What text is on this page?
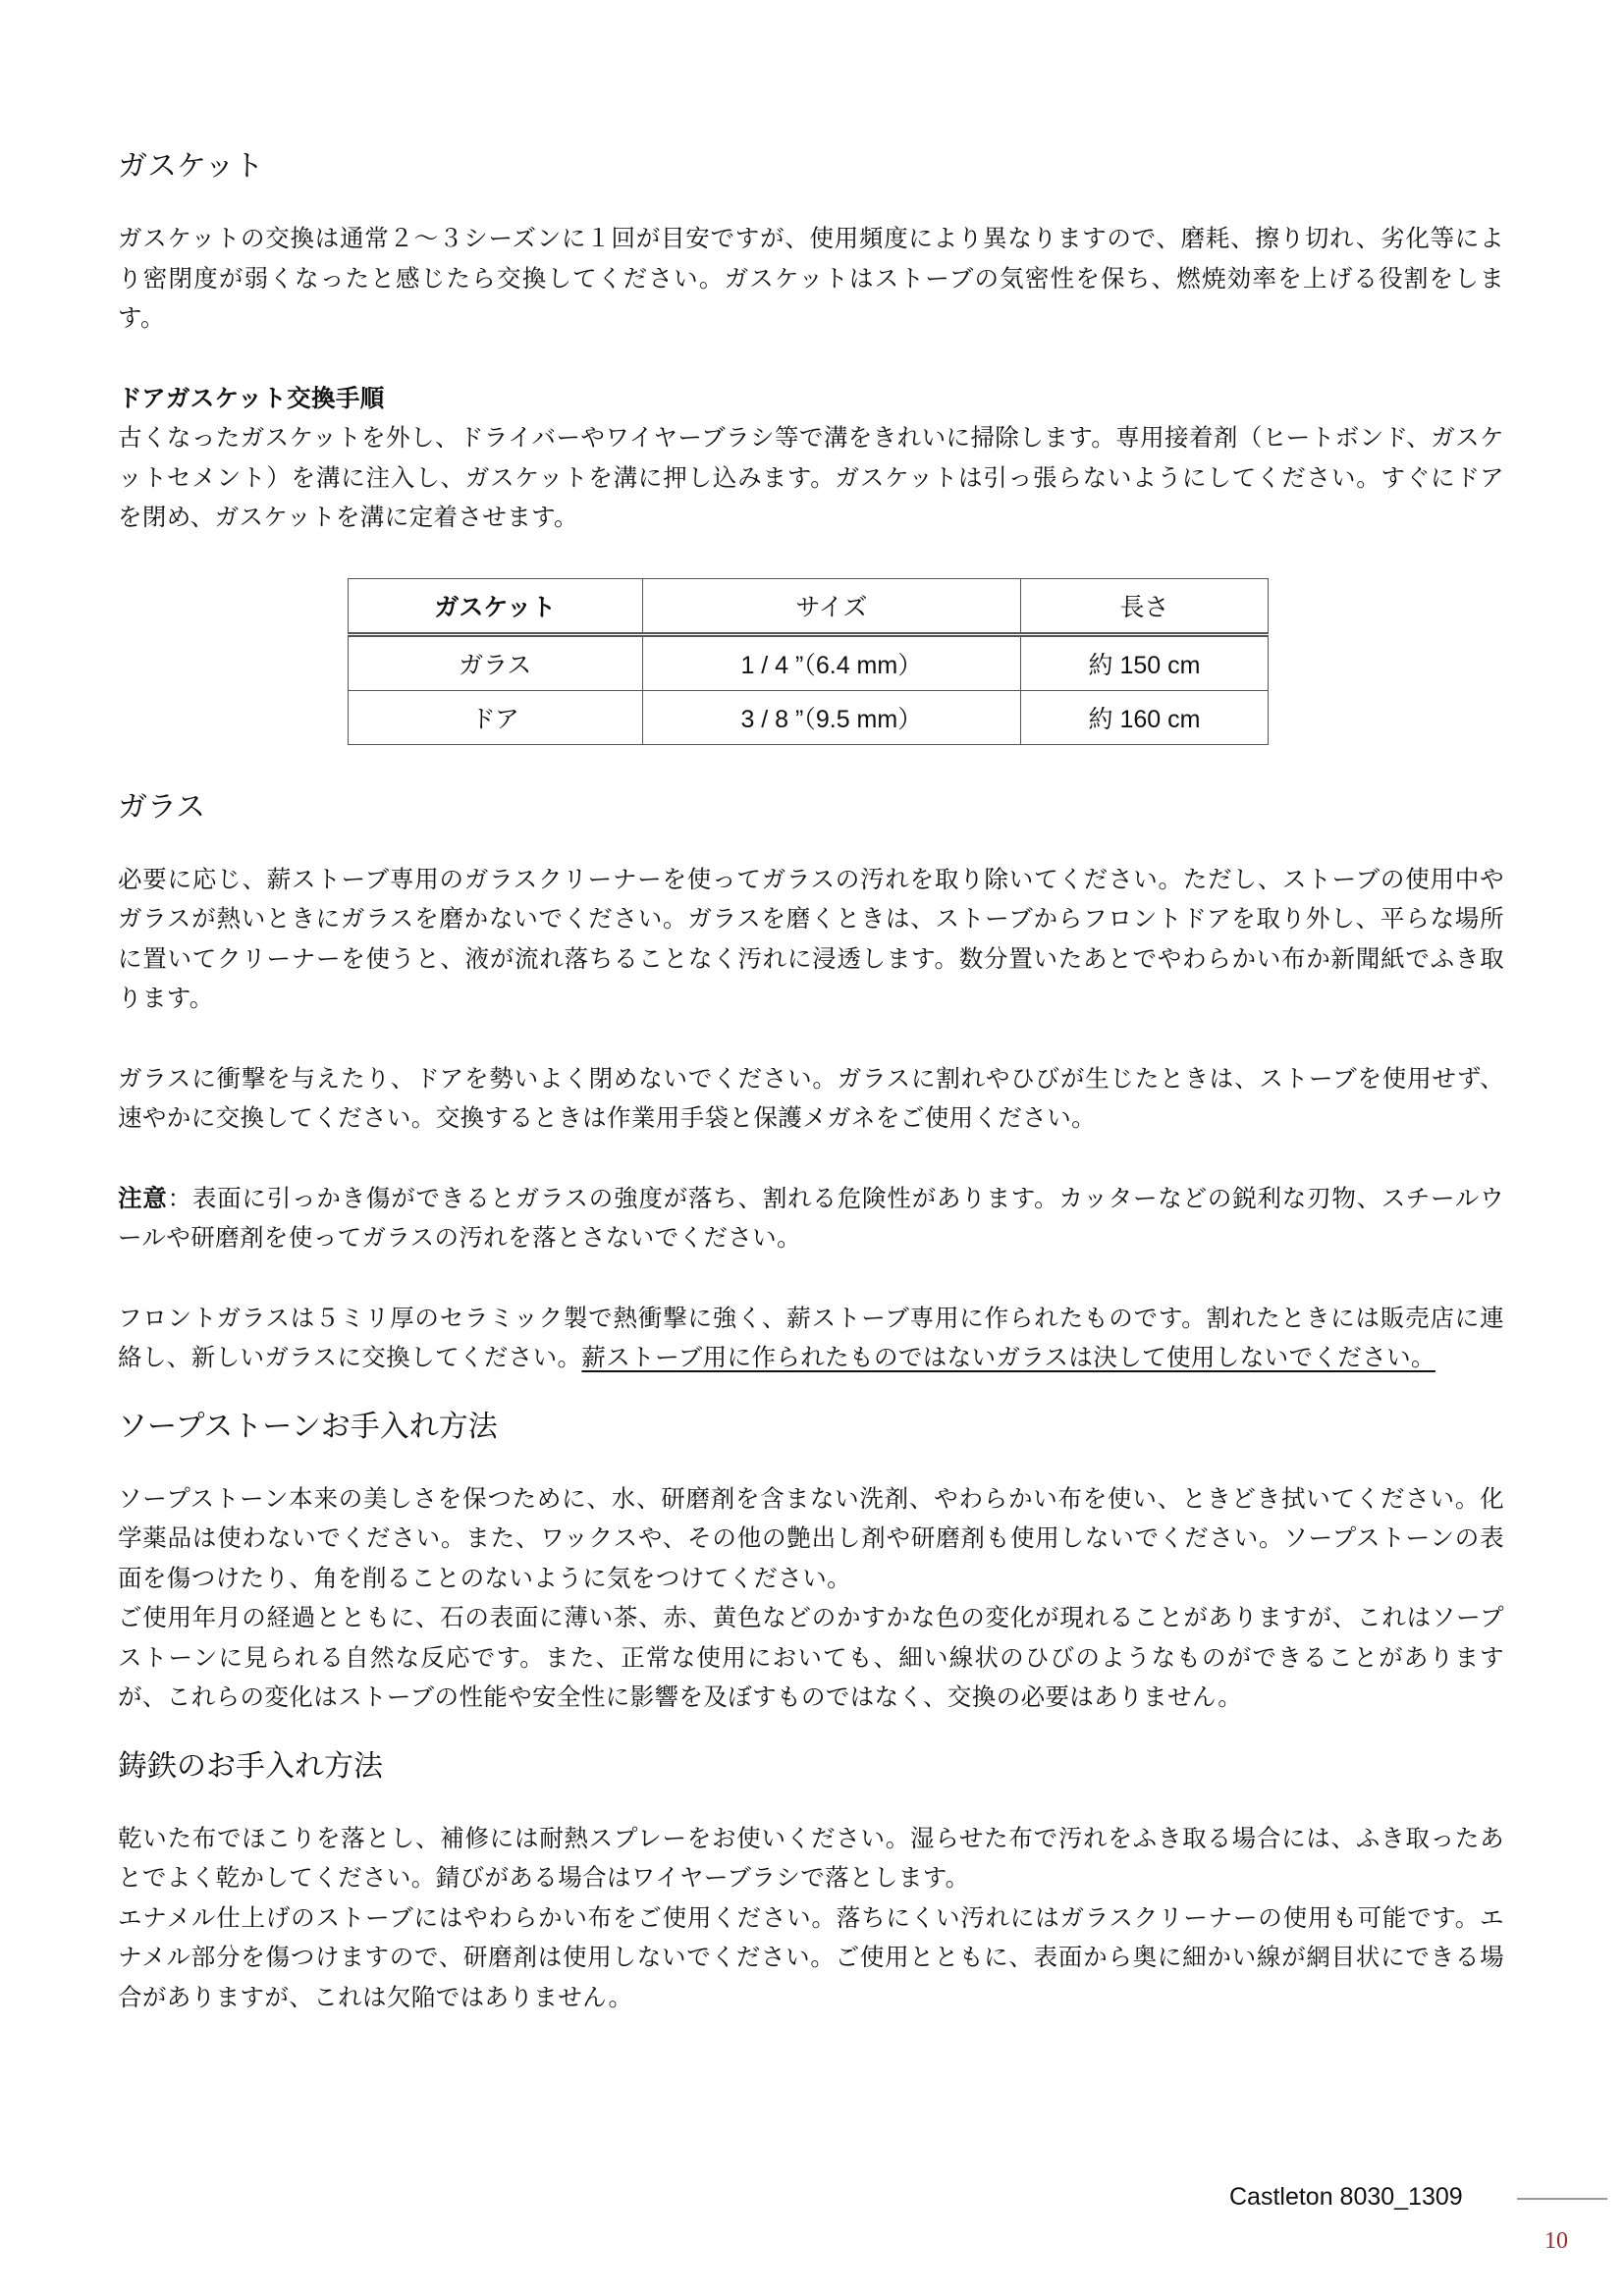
ガスケット

ガスケットの交換は通常２～３シーズンに１回が目安ですが、使用頻度により異なりますので、磨耗、擦り切れ、劣化等により密閉度が弱くなったと感じたら交換してください。ガスケットはストーブの気密性を保ち、燃焼効率を上げる役割をします。

ドアガスケット交換手順

古くなったガスケットを外し、ドライバーやワイヤーブラシ等で溝をきれいに掃除します。専用接着剤（ヒートボンド、ガスケットセメント）を溝に注入し、ガスケットを溝に押し込みます。ガスケットは引っ張らないようにしてください。すぐにドアを閉め、ガスケットを溝に定着させます。

ガスケット	サイズ	長さ
ガラス	1 / 4 ”（6.4 mm）	約 150 cm
ドア	3 / 8 ”（9.5 mm）	約 160 cm
ガラス

必要に応じ、薪ストーブ専用のガラスクリーナーを使ってガラスの汚れを取り除いてください。ただし、ストーブの使用中やガラスが熱いときにガラスを磨かないでください。ガラスを磨くときは、ストーブからフロントドアを取り外し、平らな場所に置いてクリーナーを使うと、液が流れ落ちることなく汚れに浸透します。数分置いたあとでやわらかい布か新聞紙でふき取ります。

ガラスに衝撃を与えたり、ドアを勢いよく閉めないでください。ガラスに割れやひびが生じたときは、ストーブを使用せず、速やかに交換してください。交換するときは作業用手袋と保護メガネをご使用ください。

注意：表面に引っかき傷ができるとガラスの強度が落ち、割れる危険性があります。カッターなどの鋭利な刃物、スチールウールや研磨剤を使ってガラスの汚れを落とさないでください。

フロントガラスは５ミリ厚のセラミック製で熱衝撃に強く、薪ストーブ専用に作られたものです。割れたときには販売店に連絡し、新しいガラスに交換してください。薪ストーブ用に作られたものではないガラスは決して使用しないでください。

ソープストーンお手入れ方法

ソープストーン本来の美しさを保つために、水、研磨剤を含まない洗剤、やわらかい布を使い、ときどき拭いてください。化学薬品は使わないでください。また、ワックスや、その他の艶出し剤や研磨剤も使用しないでください。ソープストーンの表面を傷つけたり、角を削ることのないように気をつけてください。

ご使用年月の経過とともに、石の表面に薄い茶、赤、黄色などのかすかな色の変化が現れることがありますが、これはソープストーンに見られる自然な反応です。また、正常な使用においても、細い線状のひびのようなものができることがありますが、これらの変化はストーブの性能や安全性に影響を及ぼすものではなく、交換の必要はありません。

鋳鉄のお手入れ方法

乾いた布でほこりを落とし、補修には耐熱スプレーをお使いください。湿らせた布で汚れをふき取る場合には、ふき取ったあとでよく乾かしてください。錆びがある場合はワイヤーブラシで落とします。

エナメル仕上げのストーブにはやわらかい布をご使用ください。落ちにくい汚れにはガラスクリーナーの使用も可能です。エナメル部分を傷つけますので、研磨剤は使用しないでください。ご使用とともに、表面から奥に細かい線が網目状にできる場合がありますが、これは欠陥ではありません。

Castleton 8030_1309
10
